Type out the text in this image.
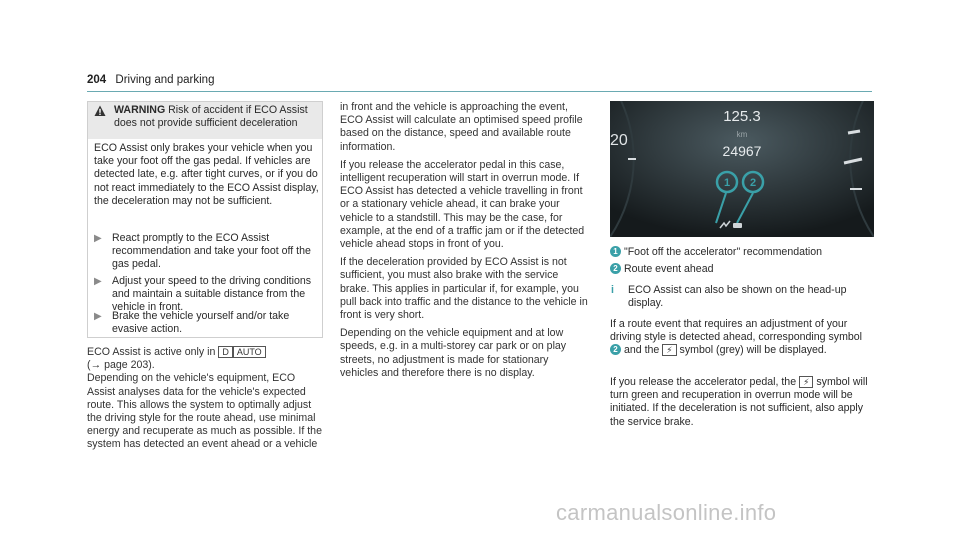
204 Driving and parking
WARNING Risk of accident if ECO Assist does not provide sufficient deceleration
ECO Assist only brakes your vehicle when you take your foot off the gas pedal. If vehicles are detected late, e.g. after tight curves, or if you do not react immediately to the ECO Assist display, the deceleration may not be sufficient.
▶ React promptly to the ECO Assist recommendation and take your foot off the gas pedal.
▶ Adjust your speed to the driving conditions and maintain a suitable distance from the vehicle in front.
▶ Brake the vehicle yourself and/or take evasive action.

ECO Assist is active only in D AUTO

(→ page 203).

Depending on the vehicle's equipment, ECO Assist analyses data for the vehicle's expected route. This allows the system to optimally adjust the driving style for the route ahead, use minimal energy and recuperate as much as possible. If the system has detected an event ahead or a vehicle

in front and the vehicle is approaching the event, ECO Assist will calculate an optimised speed profile based on the distance, speed and available route information.

If you release the accelerator pedal in this case, intelligent recuperation will start in overrun mode. If ECO Assist has detected a vehicle travelling in front or a stationary vehicle ahead, it can brake your vehicle to a standstill. This may be the case, for example, at the end of a traffic jam or if the detected vehicle ahead stops in front of you.

If the deceleration provided by ECO Assist is not sufficient, you must also brake with the service brake. This applies in particular if, for example, you pull back into traffic and the distance to the vehicle in front is very short.

Depending on the vehicle equipment and at low speeds, e.g. in a multi-storey car park or on play streets, no adjustment is made for stationary vehicles and therefore there is no display.

20
125.3
km
24967
1 2
1 "Foot off the accelerator" recommendation
2 Route event ahead
i	ECO Assist can also be shown on the head-up display.
If a route event that requires an adjustment of your driving style is detected ahead, corresponding symbol 2 and the ⚡ symbol (grey) will be displayed.
If you release the accelerator pedal, the ⚡ symbol will turn green and recuperation in overrun mode will be initiated. If the deceleration is not sufficient, also apply the service brake.
carmanualsonline.info
